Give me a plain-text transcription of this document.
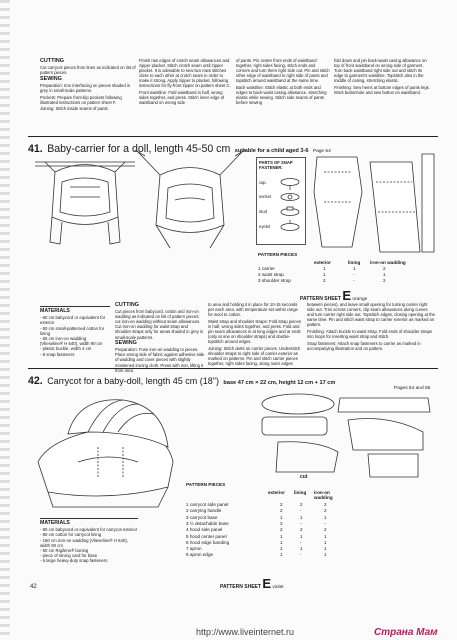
CUTTING

Cut carrycot pieces from linen as indicated on list of pattern pieces.

SEWING

Preparation: Iron interfacing on pieces shaded in grey in small-scale patterns.

Pockets: Prepare front-bip pockets following illustrated instructions on pattern sheet F.

Joining: Stitch inside seams of pants.

Finish raw edges of crotch seam allowances and zipper placket. Stitch crotch seam until zipper placket. It is advisable to sew two rows stitches close to each other at crotch seam in order to make it strong. Apply zipper to placket, following instructions for fly-front zipper on pattern sheet C.

Front waistline: Fold waistband in half, wrong sides together, and press. Stitch inner edge of waistband on wrong side

of pants. Pin center front ends of waistband together, right sides facing, stitch ends and corners and turn them right side out. Pin and stitch other edge of waistband to right side of pants and topstitch around waistband at the same time.

Back waistline: Stitch elastic at both ends and edges to back-waist casing allowance, stretching elastic while sewing. Stitch side seams of pants before sewing

fold down and pin back-waist casing allowance on top of front waistband on wrong side of garment. Turn back waistband right side out and stitch its edge to garment's waistline. Topstitch also in the middle of casing, stretching elastic.

Finishing: Sew hems at bottom edges of pants legs. Work buttonhole and sew button on waistband.

41. Baby-carrier for a doll, length 45-50 cm suitable for a child aged 3-6 Page 54
PARTS OF SNAP FASTENER:
cap
socket
stud
eyelet
PATTERN PIECES
exterior	lining iron-on wadding
1 carrier	1	1	2
2 waist strap	1	-	1
3 shoulder strap	2	-	2
PATTERN SHEET E orange
MATERIALS
- 60 cm babycord or equivalent for exterior
- 60 cm small-patterned cotton for lining
- 65 cm iron-on wadding (Vlieseline® H 640), width 90 cm
- plastic buckle, width 4 cm
- 8 snap fasteners
CUTTING

Cut pieces from babycord, cotton and iron-on wadding as indicated on list of pattern pieces; cut iron-on wadding without seam allowances. Cut iron-on wadding for waist strap and shoulder straps only for areas shaded in grey in small-scale patterns.

SEWING

Preparation: Fuse iron-on wadding to pieces. Place wrong side of fabric against adhesive side of wadding and cover pieces with slightly moistened ironing cloth. Press with iron, lifting it from area

to area and holding it in place for 10-15 seconds per each area, with temperature set within range for wool to cotton.

Waist strap and shoulder straps: Fold strap pieces in half, wrong sides together, and press. Fold and pin seam allowances in at long edges and at ends (only at one on shoulder straps) and double-topstitch around edges.

Joining: Stitch darts on carrier pieces. Understitch shoulder straps to right side of carrier exterior as marked on patterns. Pin and stitch carrier pieces together, right sides facing, along outer edges

between pieces), and leave small opening for turning carrier right side out. Trim across corners, clip seam allowances along curves and turn carrier right side out. Topstitch edges, closing opening at the same time. Pin and stitch waist strap to carrier exterior as marked on pattern.

Finishing: Attach buckle to waist strap. Fold ends of shoulder straps into loops for inserting waist strap and stitch.

Snap fasteners: Attach snap fasteners to carrier as marked in accompanying illustration and on pattern.

42. Carrycot for a baby-doll, length 45 cm (18") base 47 cm × 22 cm, height 12 cm + 17 cm
Pages 54 and 56
cut
PATTERN PIECES
exterior lining iron-on wadding
1 carrycot side panel	2	2	2
2 carrying handle	2	-	2
3 carrycot base	1	1	1
3 ½ detachable base	2	-	-
4 hood side panel	2	2	2
5 hood center panel	1	1	1
6 hood edge banding	1	-	1
7 apron	1	1	1
8 apron edge	1	-	1
PATTERN SHEET E violet
MATERIALS
- 80 cm babycord or equivalent for carrycot exterior
- 80 cm cotton for carrycot lining
- 160 cm iron-on wadding (Vlieseline® H 640), width 90 cm
- 50 cm Rigilene® boning
- piece of strong card for base
- 6 large heavy-duty snap fasteners
42
http://www.liveinternet.ru	Страна Мам
